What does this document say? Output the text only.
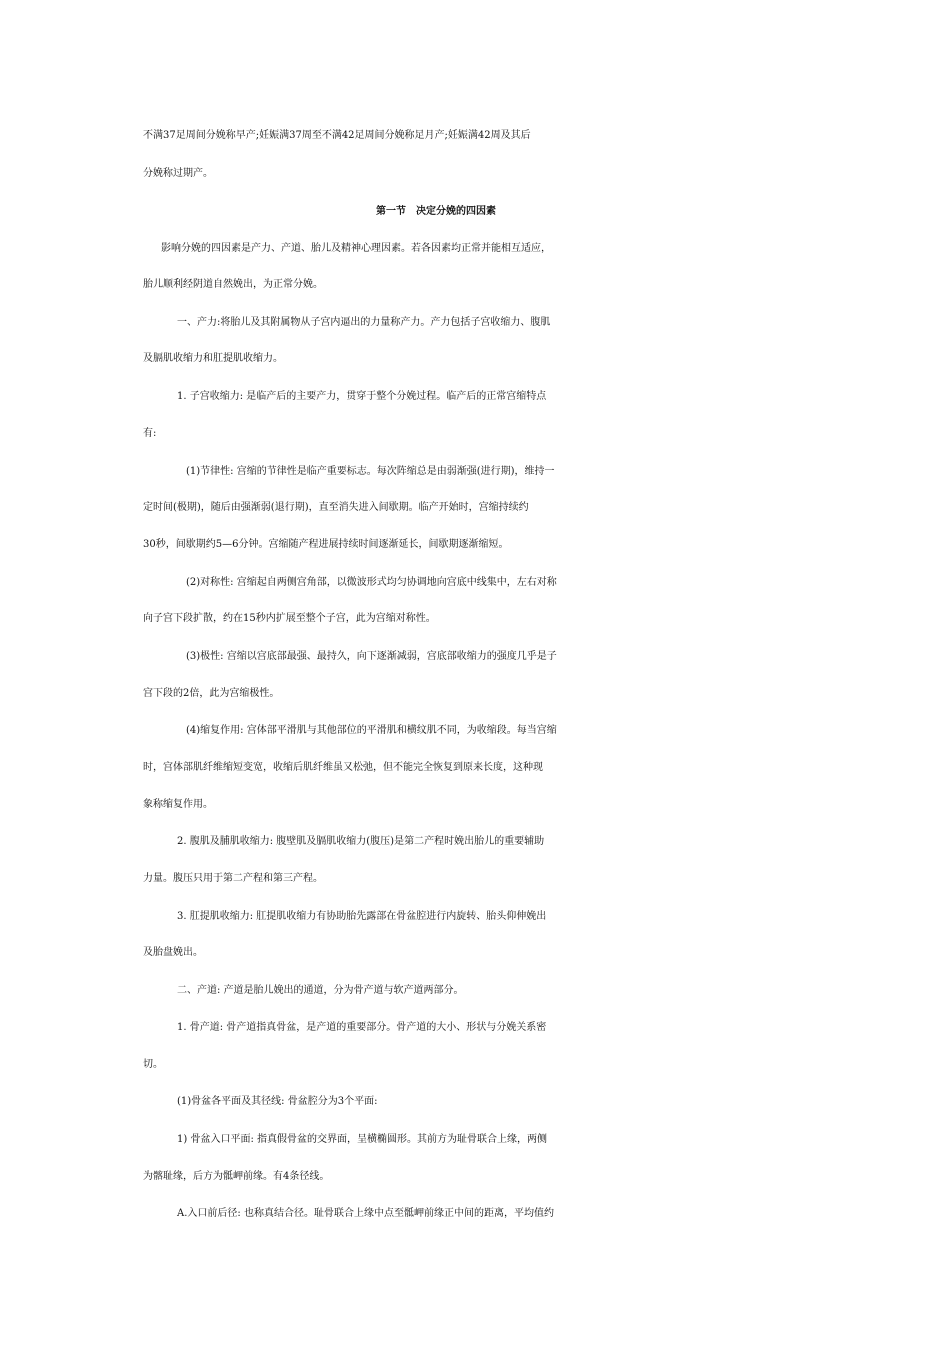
不满37足周间分娩称早产;妊娠满37周至不满42足周间分娩称足月产;妊娠满42周及其后
分娩称过期产。
第一节　决定分娩的四因素
影响分娩的四因素是产力、产道、胎儿及精神心理因素。若各因素均正常并能相互适应，
胎儿顺利经阴道自然娩出，为正常分娩。
一、产力:将胎儿及其附属物从子宫内逼出的力量称产力。产力包括子宫收缩力、腹肌
及膈肌收缩力和肛提肌收缩力。
1. 子宫收缩力: 是临产后的主要产力，贯穿于整个分娩过程。临产后的正常宫缩特点
有:
(1)节律性: 宫缩的节律性是临产重要标志。每次阵缩总是由弱渐强(进行期)，维持一
定时间(极期)，随后由强渐弱(退行期)，直至消失进入间歇期。临产开始时，宫缩持续约
30秒，间歇期约5—6分钟。宫缩随产程进展持续时间逐渐延长，间歇期逐渐缩短。
(2)对称性: 宫缩起自两侧宫角部，以微波形式均匀协调地向宫底中线集中，左右对称
向子宫下段扩散，约在15秒内扩展至整个子宫，此为宫缩对称性。
(3)极性: 宫缩以宫底部最强、最持久，向下逐渐减弱，宫底部收缩力的强度几乎是子
宫下段的2倍，此为宫缩极性。
(4)缩复作用: 宫体部平滑肌与其他部位的平滑肌和横纹肌不同，为收缩段。每当宫缩
时，宫体部肌纤维缩短变宽，收缩后肌纤维虽又松弛，但不能完全恢复到原来长度，这种现
象称缩复作用。
2. 腹肌及脯肌收缩力: 腹壁肌及膈肌收缩力(腹压)是第二产程时娩出胎儿的重要辅助
力量。腹压只用于第二产程和第三产程。
3. 肛提肌收缩力: 肛提肌收缩力有协助胎先露部在骨盆腔进行内旋转、胎头仰伸娩出
及胎盘娩出。
二、产道: 产道是胎儿娩出的通道，分为骨产道与软产道两部分。
1. 骨产道: 骨产道指真骨盆，是产道的重要部分。骨产道的大小、形状与分娩关系密
切。
(1)骨盆各平面及其径线: 骨盆腔分为3个平面:
1) 骨盆入口平面: 指真假骨盆的交界面，呈横椭圆形。其前方为耻骨联合上缘，两侧
为髂耻缘，后方为骶岬前缘。有4条径线。
A.入口前后径: 也称真结合径。耻骨联合上缘中点至骶岬前缘正中间的距离，平均值约
